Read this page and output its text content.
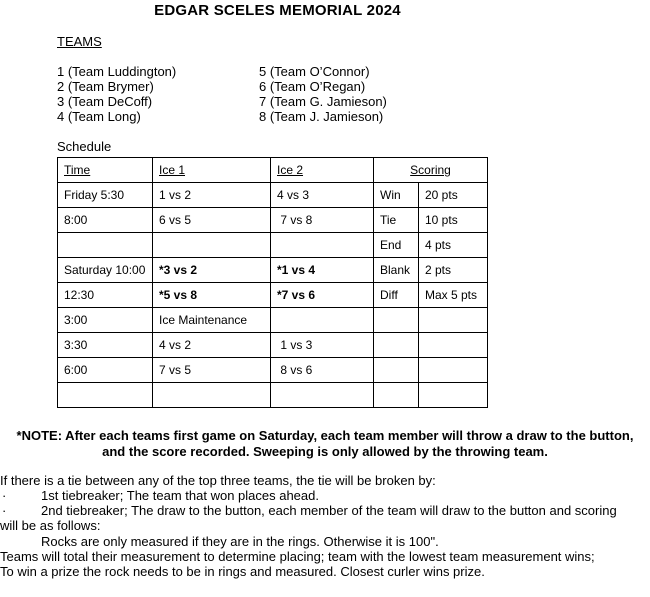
EDGAR SCELES MEMORIAL 2024
TEAMS
1 (Team Luddington)
2 (Team Brymer)
3 (Team DeCoff)
4 (Team Long)
5 (Team O’Connor)
6 (Team O’Regan)
7 (Team G. Jamieson)
8 (Team J. Jamieson)
Schedule
Time	Ice 1	Ice 2	Scoring	
Friday 5:30	1 vs 2	4 vs 3	Win	20 pts
8:00	6 vs 5	7 vs 8	Tie	10 pts
			End	4 pts
Saturday 10:00	*3 vs 2	*1 vs 4	Blank	2 pts
12:30	*5 vs 8	*7 vs 6	Diff	Max 5 pts
3:00	Ice Maintenance			
3:30	4 vs 2	1 vs 3		
6:00	7 vs 5	8 vs 6		

*NOTE: After each teams first game on Saturday, each team member will throw a draw to the button,
and the score recorded. Sweeping is only allowed by the throwing team.
If there is a tie between any of the top three teams, the tie will be broken by:
·	1st tiebreaker; The team that won places ahead.
·	2nd tiebreaker; The draw to the button, each member of the team will draw to the button and scoring
will be as follows:
Rocks are only measured if they are in the rings. Otherwise it is 100".
Teams will total their measurement to determine placing; team with the lowest team measurement wins;
To win a prize the rock needs to be in rings and measured. Closest curler wins prize.
